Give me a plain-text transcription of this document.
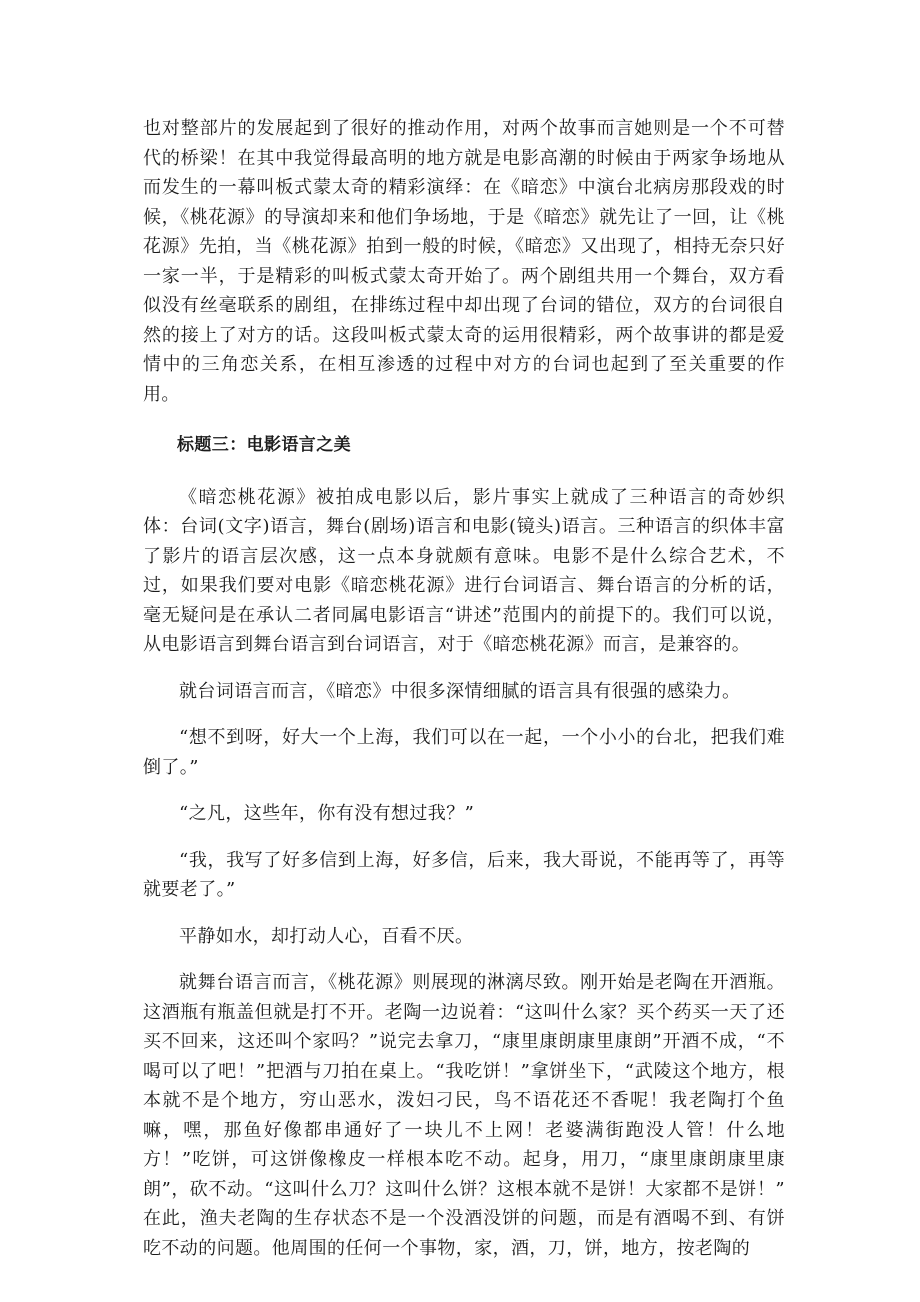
也对整部片的发展起到了很好的推动作用，对两个故事而言她则是一个不可替代的桥梁！在其中我觉得最高明的地方就是电影高潮的时候由于两家争场地从而发生的一幕叫板式蒙太奇的精彩演绎：在《暗恋》中演台北病房那段戏的时候，《桃花源》的导演却来和他们争场地，于是《暗恋》就先让了一回，让《桃花源》先拍，当《桃花源》拍到一般的时候，《暗恋》又出现了，相持无奈只好一家一半，于是精彩的叫板式蒙太奇开始了。两个剧组共用一个舞台，双方看似没有丝毫联系的剧组，在排练过程中却出现了台词的错位，双方的台词很自然的接上了对方的话。这段叫板式蒙太奇的运用很精彩，两个故事讲的都是爱情中的三角恋关系，在相互渗透的过程中对方的台词也起到了至关重要的作用。

标题三：电影语言之美

《暗恋桃花源》被拍成电影以后，影片事实上就成了三种语言的奇妙织体：台词(文字)语言，舞台(剧场)语言和电影(镜头)语言。三种语言的织体丰富了影片的语言层次感，这一点本身就颇有意味。电影不是什么综合艺术，不过，如果我们要对电影《暗恋桃花源》进行台词语言、舞台语言的分析的话，毫无疑问是在承认二者同属电影语言“讲述”范围内的前提下的。我们可以说，从电影语言到舞台语言到台词语言，对于《暗恋桃花源》而言，是兼容的。

就台词语言而言，《暗恋》中很多深情细腻的语言具有很强的感染力。

“想不到呀，好大一个上海，我们可以在一起，一个小小的台北，把我们难倒了。”

“之凡，这些年，你有没有想过我？”

“我，我写了好多信到上海，好多信，后来，我大哥说，不能再等了，再等就要老了。”

平静如水，却打动人心，百看不厌。

就舞台语言而言，《桃花源》则展现的淋漓尽致。刚开始是老陶在开酒瓶。这酒瓶有瓶盖但就是打不开。老陶一边说着：“这叫什么家？买个药买一天了还买不回来，这还叫个家吗？”说完去拿刀，“康里康朗康里康朗”开酒不成，“不喝可以了吧！”把酒与刀拍在桌上。“我吃饼！”拿饼坐下，“武陵这个地方，根本就不是个地方，穷山恶水，泼妇刁民，鸟不语花还不香呢！我老陶打个鱼嘛，嘿，那鱼好像都串通好了一块儿不上网！老婆满街跑没人管！什么地方！”吃饼，可这饼像橡皮一样根本吃不动。起身，用刀，“康里康朗康里康朗”，砍不动。“这叫什么刀？这叫什么饼？这根本就不是饼！大家都不是饼！” 在此，渔夫老陶的生存状态不是一个没酒没饼的问题，而是有酒喝不到、有饼吃不动的问题。他周围的任何一个事物，家，酒，刀，饼，地方，按老陶的
